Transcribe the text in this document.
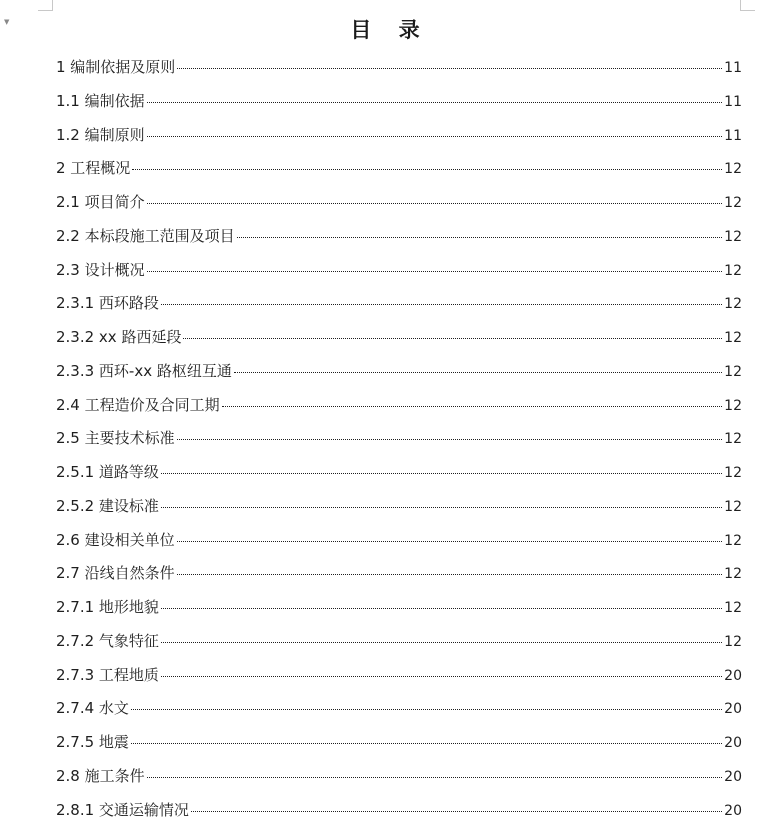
▼	目 录
1 编制依据及原则	11
1.1 编制依据	11
1.2 编制原则	11
2 工程概况	12
2.1 项目简介	12
2.2 本标段施工范围及项目	12
2.3 设计概况	12
2.3.1 西环路段	12
2.3.2 xx 路西延段	12
2.3.3 西环-xx 路枢纽互通	12
2.4 工程造价及合同工期	12
2.5 主要技术标准	12
2.5.1 道路等级	12
2.5.2 建设标准	12
2.6 建设相关单位	12
2.7 沿线自然条件	12
2.7.1 地形地貌	12
2.7.2 气象特征	12
2.7.3 工程地质	20
2.7.4 水文	20
2.7.5 地震	20
2.8 施工条件	20
2.8.1 交通运输情况	20
